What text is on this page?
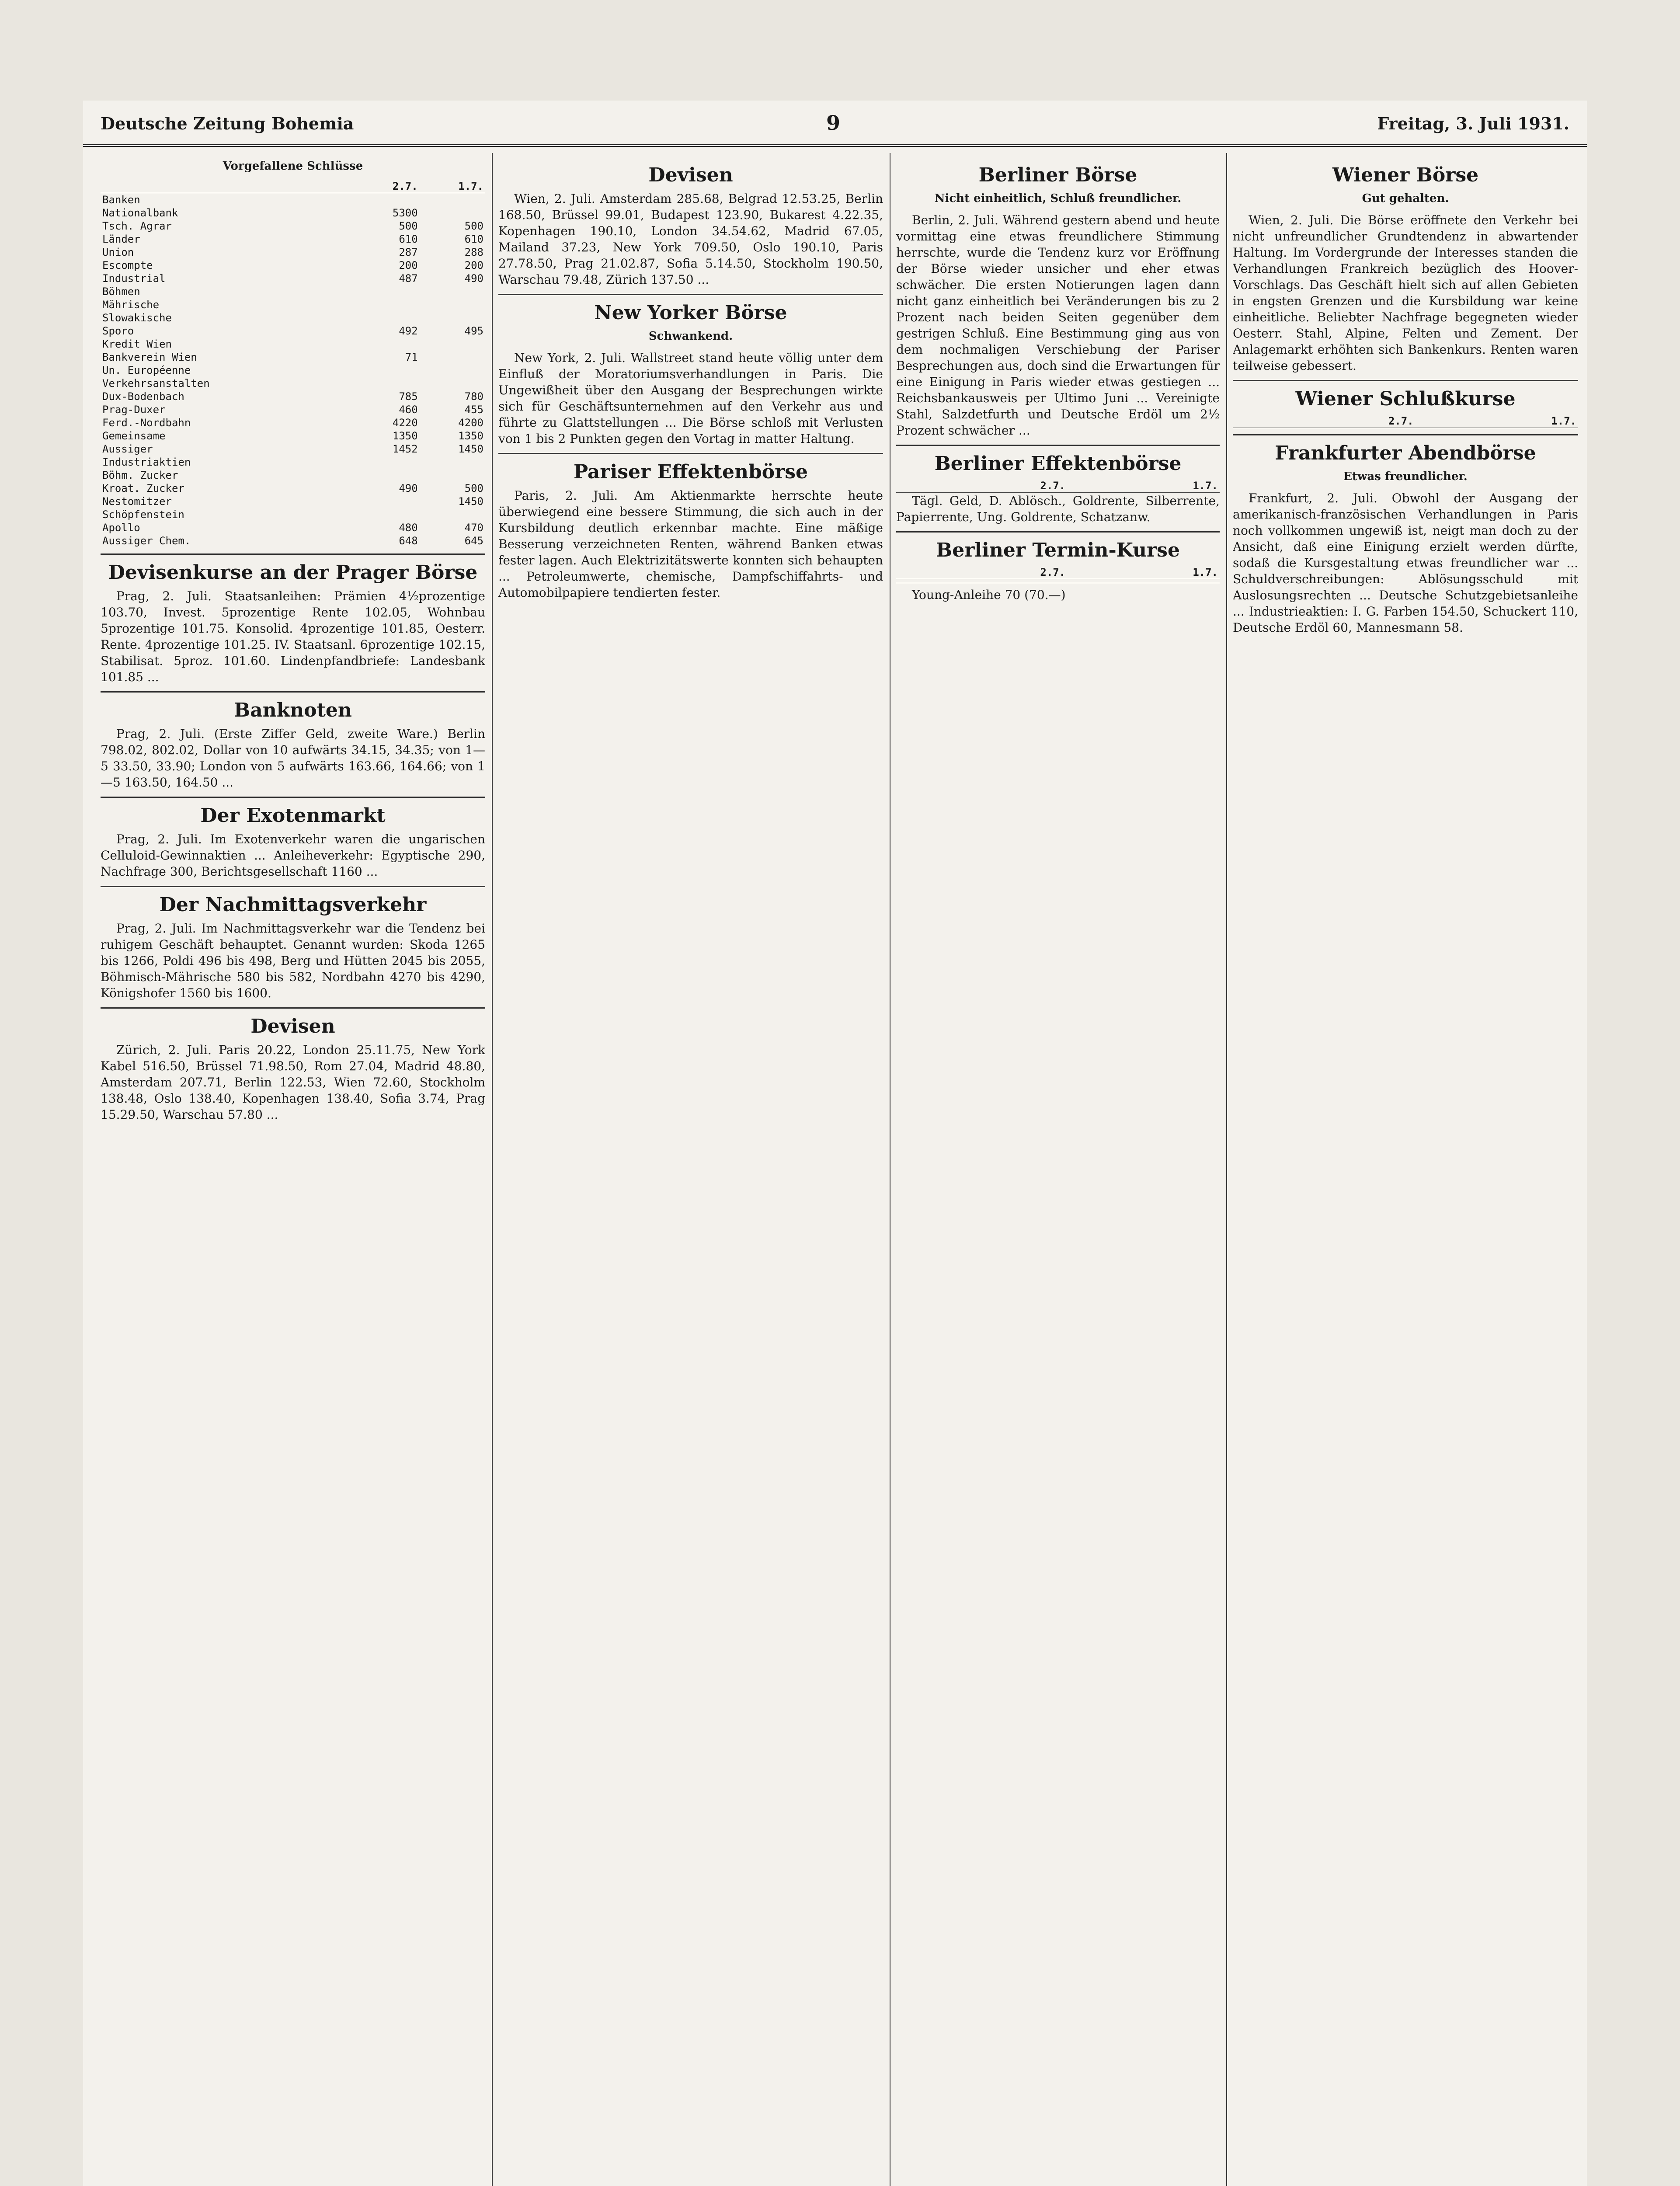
Deutsche Zeitung Bohemia	9	Freitag, 3. Juli 1931.
Vorgefallene Schlüsse
	2.7.	1.7.
Banken		
Nationalbank	5300	
Tsch. Agrar	500	500
Länder	610	610
Union	287	288
Escompte	200	200
Industrial	487	490
Böhmen		
Mährische		
Slowakische		
Sporo	492	495
Kredit Wien		
Bankverein Wien	71	
Un. Européenne		
Verkehrsanstalten		
Dux-Bodenbach	785	780
Prag-Duxer	460	455
Ferd.-Nordbahn	4220	4200
Gemeinsame	1350	1350
Aussiger	1452	1450
Industriaktien		
Böhm. Zucker		
Kroat. Zucker	490	500
Nestomitzer		1450
Schöpfenstein		
Apollo	480	470
Aussiger Chem.	648	645
Devisenkurse an der Prager Börse

Prag, 2. Juli. Staatsanleihen: Prämien 4½prozentige 103.70, Invest. 5prozentige Rente 102.05, Wohnbau 5prozentige 101.75. Konsolid. 4prozentige 101.85, Oesterr. Rente. 4prozentige 101.25. IV. Staatsanl. 6prozentige 102.15, Stabilisat. 5proz. 101.60. Lindenpfandbriefe: Landesbank 101.85 ...

Banknoten

Prag, 2. Juli. (Erste Ziffer Geld, zweite Ware.) Berlin 798.02, 802.02, Dollar von 10 aufwärts 34.15, 34.35; von 1—5 33.50, 33.90; London von 5 aufwärts 163.66, 164.66; von 1—5 163.50, 164.50 ...

Der Exotenmarkt

Prag, 2. Juli. Im Exotenverkehr waren die ungarischen Celluloid-Gewinnaktien ... Anleiheverkehr: Egyptische 290, Nachfrage 300, Berichtsgesellschaft 1160 ...

Der Nachmittagsverkehr

Prag, 2. Juli. Im Nachmittagsverkehr war die Tendenz bei ruhigem Geschäft behauptet. Genannt wurden: Skoda 1265 bis 1266, Poldi 496 bis 498, Berg und Hütten 2045 bis 2055, Böhmisch-Mährische 580 bis 582, Nordbahn 4270 bis 4290, Königshofer 1560 bis 1600.

Devisen

Zürich, 2. Juli. Paris 20.22, London 25.11.75, New York Kabel 516.50, Brüssel 71.98.50, Rom 27.04, Madrid 48.80, Amsterdam 207.71, Berlin 122.53, Wien 72.60, Stockholm 138.48, Oslo 138.40, Kopenhagen 138.40, Sofia 3.74, Prag 15.29.50, Warschau 57.80 ...

Devisen

Wien, 2. Juli. Amsterdam 285.68, Belgrad 12.53.25, Berlin 168.50, Brüssel 99.01, Budapest 123.90, Bukarest 4.22.35, Kopenhagen 190.10, London 34.54.62, Madrid 67.05, Mailand 37.23, New York 709.50, Oslo 190.10, Paris 27.78.50, Prag 21.02.87, Sofia 5.14.50, Stockholm 190.50, Warschau 79.48, Zürich 137.50 ...

New Yorker Börse
Schwankend.

New York, 2. Juli. Wallstreet stand heute völlig unter dem Einfluß der Moratoriumsverhandlungen in Paris. Die Ungewißheit über den Ausgang der Besprechungen wirkte sich für Geschäftsunternehmen auf den Verkehr aus und führte zu Glattstellungen ... Die Börse schloß mit Verlusten von 1 bis 2 Punkten gegen den Vortag in matter Haltung.

Pariser Effektenbörse

Paris, 2. Juli. Am Aktienmarkte herrschte heute überwiegend eine bessere Stimmung, die sich auch in der Kursbildung deutlich erkennbar machte. Eine mäßige Besserung verzeichneten Renten, während Banken etwas fester lagen. Auch Elektrizitätswerte konnten sich behaupten ... Petroleumwerte, chemische, Dampfschiffahrts- und Automobilpapiere tendierten fester.

Berliner Börse
Nicht einheitlich, Schluß freundlicher.

Berlin, 2. Juli. Während gestern abend und heute vormittag eine etwas freundlichere Stimmung herrschte, wurde die Tendenz kurz vor Eröffnung der Börse wieder unsicher und eher etwas schwächer. Die ersten Notierungen lagen dann nicht ganz einheitlich bei Veränderungen bis zu 2 Prozent nach beiden Seiten gegenüber dem gestrigen Schluß. Eine Bestimmung ging aus von dem nochmaligen Verschiebung der Pariser Besprechungen aus, doch sind die Erwartungen für eine Einigung in Paris wieder etwas gestiegen ... Reichsbankausweis per Ultimo Juni ... Vereinigte Stahl, Salzdetfurth und Deutsche Erdöl um 2½ Prozent schwächer ...

Berliner Effektenbörse
	2.7.	1.7.

Tägl. Geld, D. Ablösch., Goldrente, Silberrente, Papierrente, Ung. Goldrente, Schatzanw.

Berliner Termin-Kurse
	2.7.	1.7.

Young-Anleihe 70 (70.—)

Wiener Börse
Gut gehalten.

Wien, 2. Juli. Die Börse eröffnete den Verkehr bei nicht unfreundlicher Grundtendenz in abwartender Haltung. Im Vordergrunde der Interesses standen die Verhandlungen Frankreich bezüglich des Hoover-Vorschlags. Das Geschäft hielt sich auf allen Gebieten in engsten Grenzen und die Kursbildung war keine einheitliche. Beliebter Nachfrage begegneten wieder Oesterr. Stahl, Alpine, Felten und Zement. Der Anlagemarkt erhöhten sich Bankenkurs. Renten waren teilweise gebessert.

Wiener Schlußkurse
	2.7.	1.7.
Frankfurter Abendbörse
Etwas freundlicher.

Frankfurt, 2. Juli. Obwohl der Ausgang der amerikanisch-französischen Verhandlungen in Paris noch vollkommen ungewiß ist, neigt man doch zu der Ansicht, daß eine Einigung erzielt werden dürfte, sodaß die Kursgestaltung etwas freundlicher war ... Schuldverschreibungen: Ablösungsschuld mit Auslosungsrechten ... Deutsche Schutzgebietsanleihe ... Industrieaktien: I. G. Farben 154.50, Schuckert 110, Deutsche Erdöl 60, Mannesmann 58.
